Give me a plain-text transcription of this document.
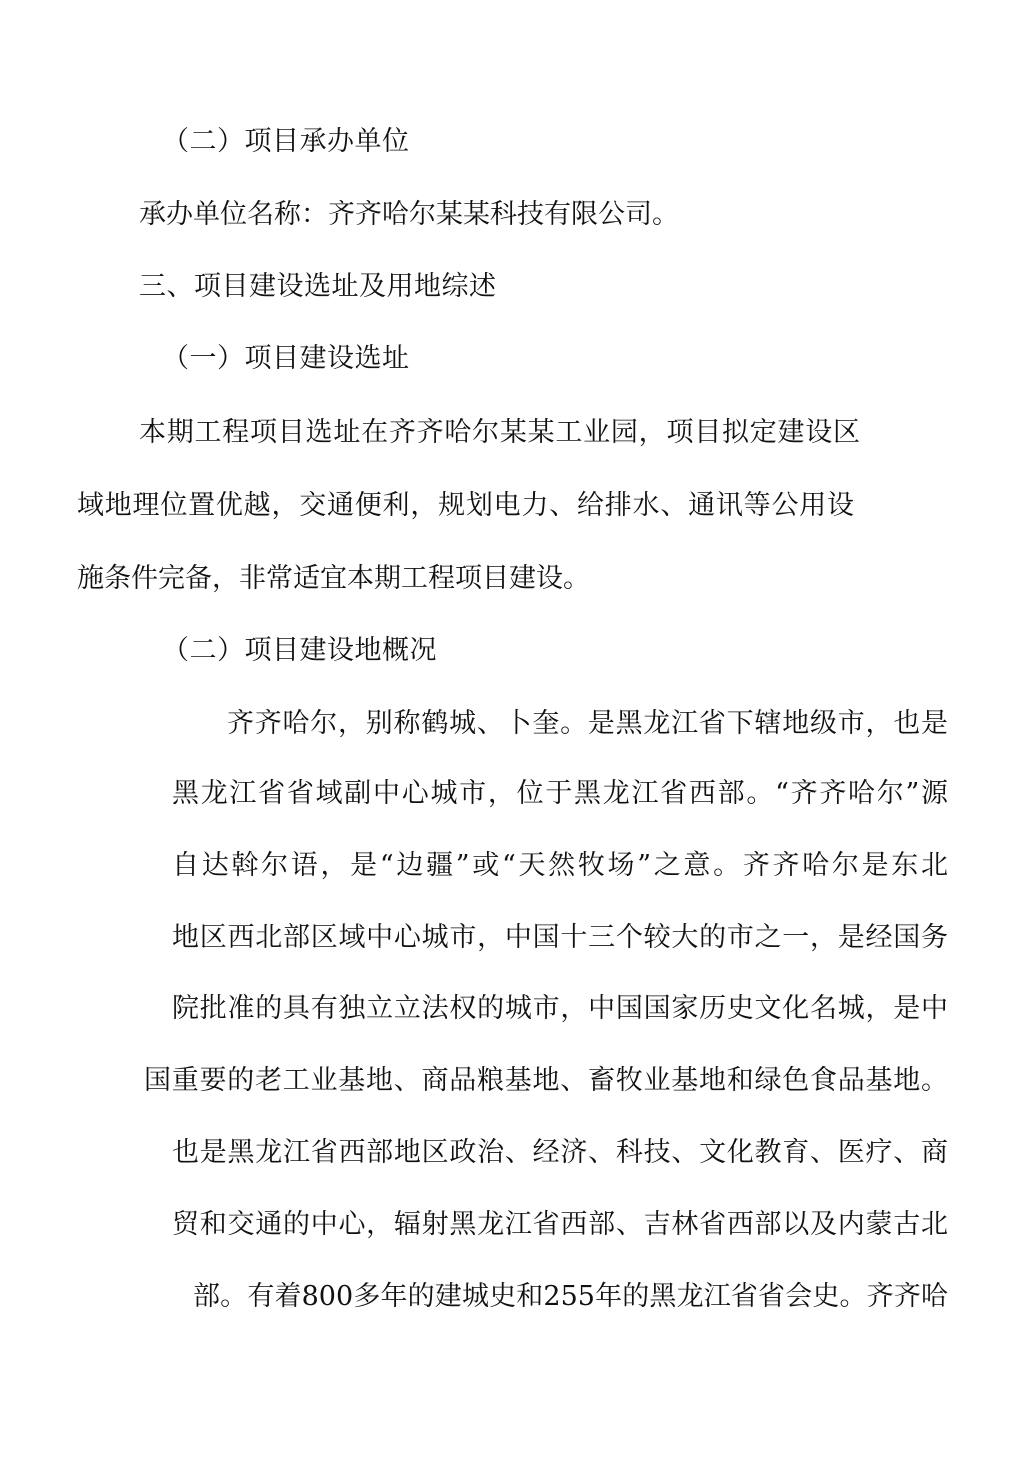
（二）项目承办单位

承办单位名称：齐齐哈尔某某科技有限公司。

三、项目建设选址及用地综述

（一）项目建设选址

本期工程项目选址在齐齐哈尔某某工业园，项目拟定建设区

域地理位置优越，交通便利，规划电力、给排水、通讯等公用设

施条件完备，非常适宜本期工程项目建设。

（二）项目建设地概况

齐齐哈尔，别称鹤城、卜奎。是黑龙江省下辖地级市，也是

黑龙江省省域副中心城市，位于黑龙江省西部。“齐齐哈尔”源

自达斡尔语，是“边疆”或“天然牧场”之意。齐齐哈尔是东北

地区西北部区域中心城市，中国十三个较大的市之一，是经国务

院批准的具有独立立法权的城市，中国国家历史文化名城，是中

国重要的老工业基地、商品粮基地、畜牧业基地和绿色食品基地。

也是黑龙江省西部地区政治、经济、科技、文化教育、医疗、商

贸和交通的中心，辐射黑龙江省西部、吉林省西部以及内蒙古北

部。有着800多年的建城史和255年的黑龙江省省会史。齐齐哈
